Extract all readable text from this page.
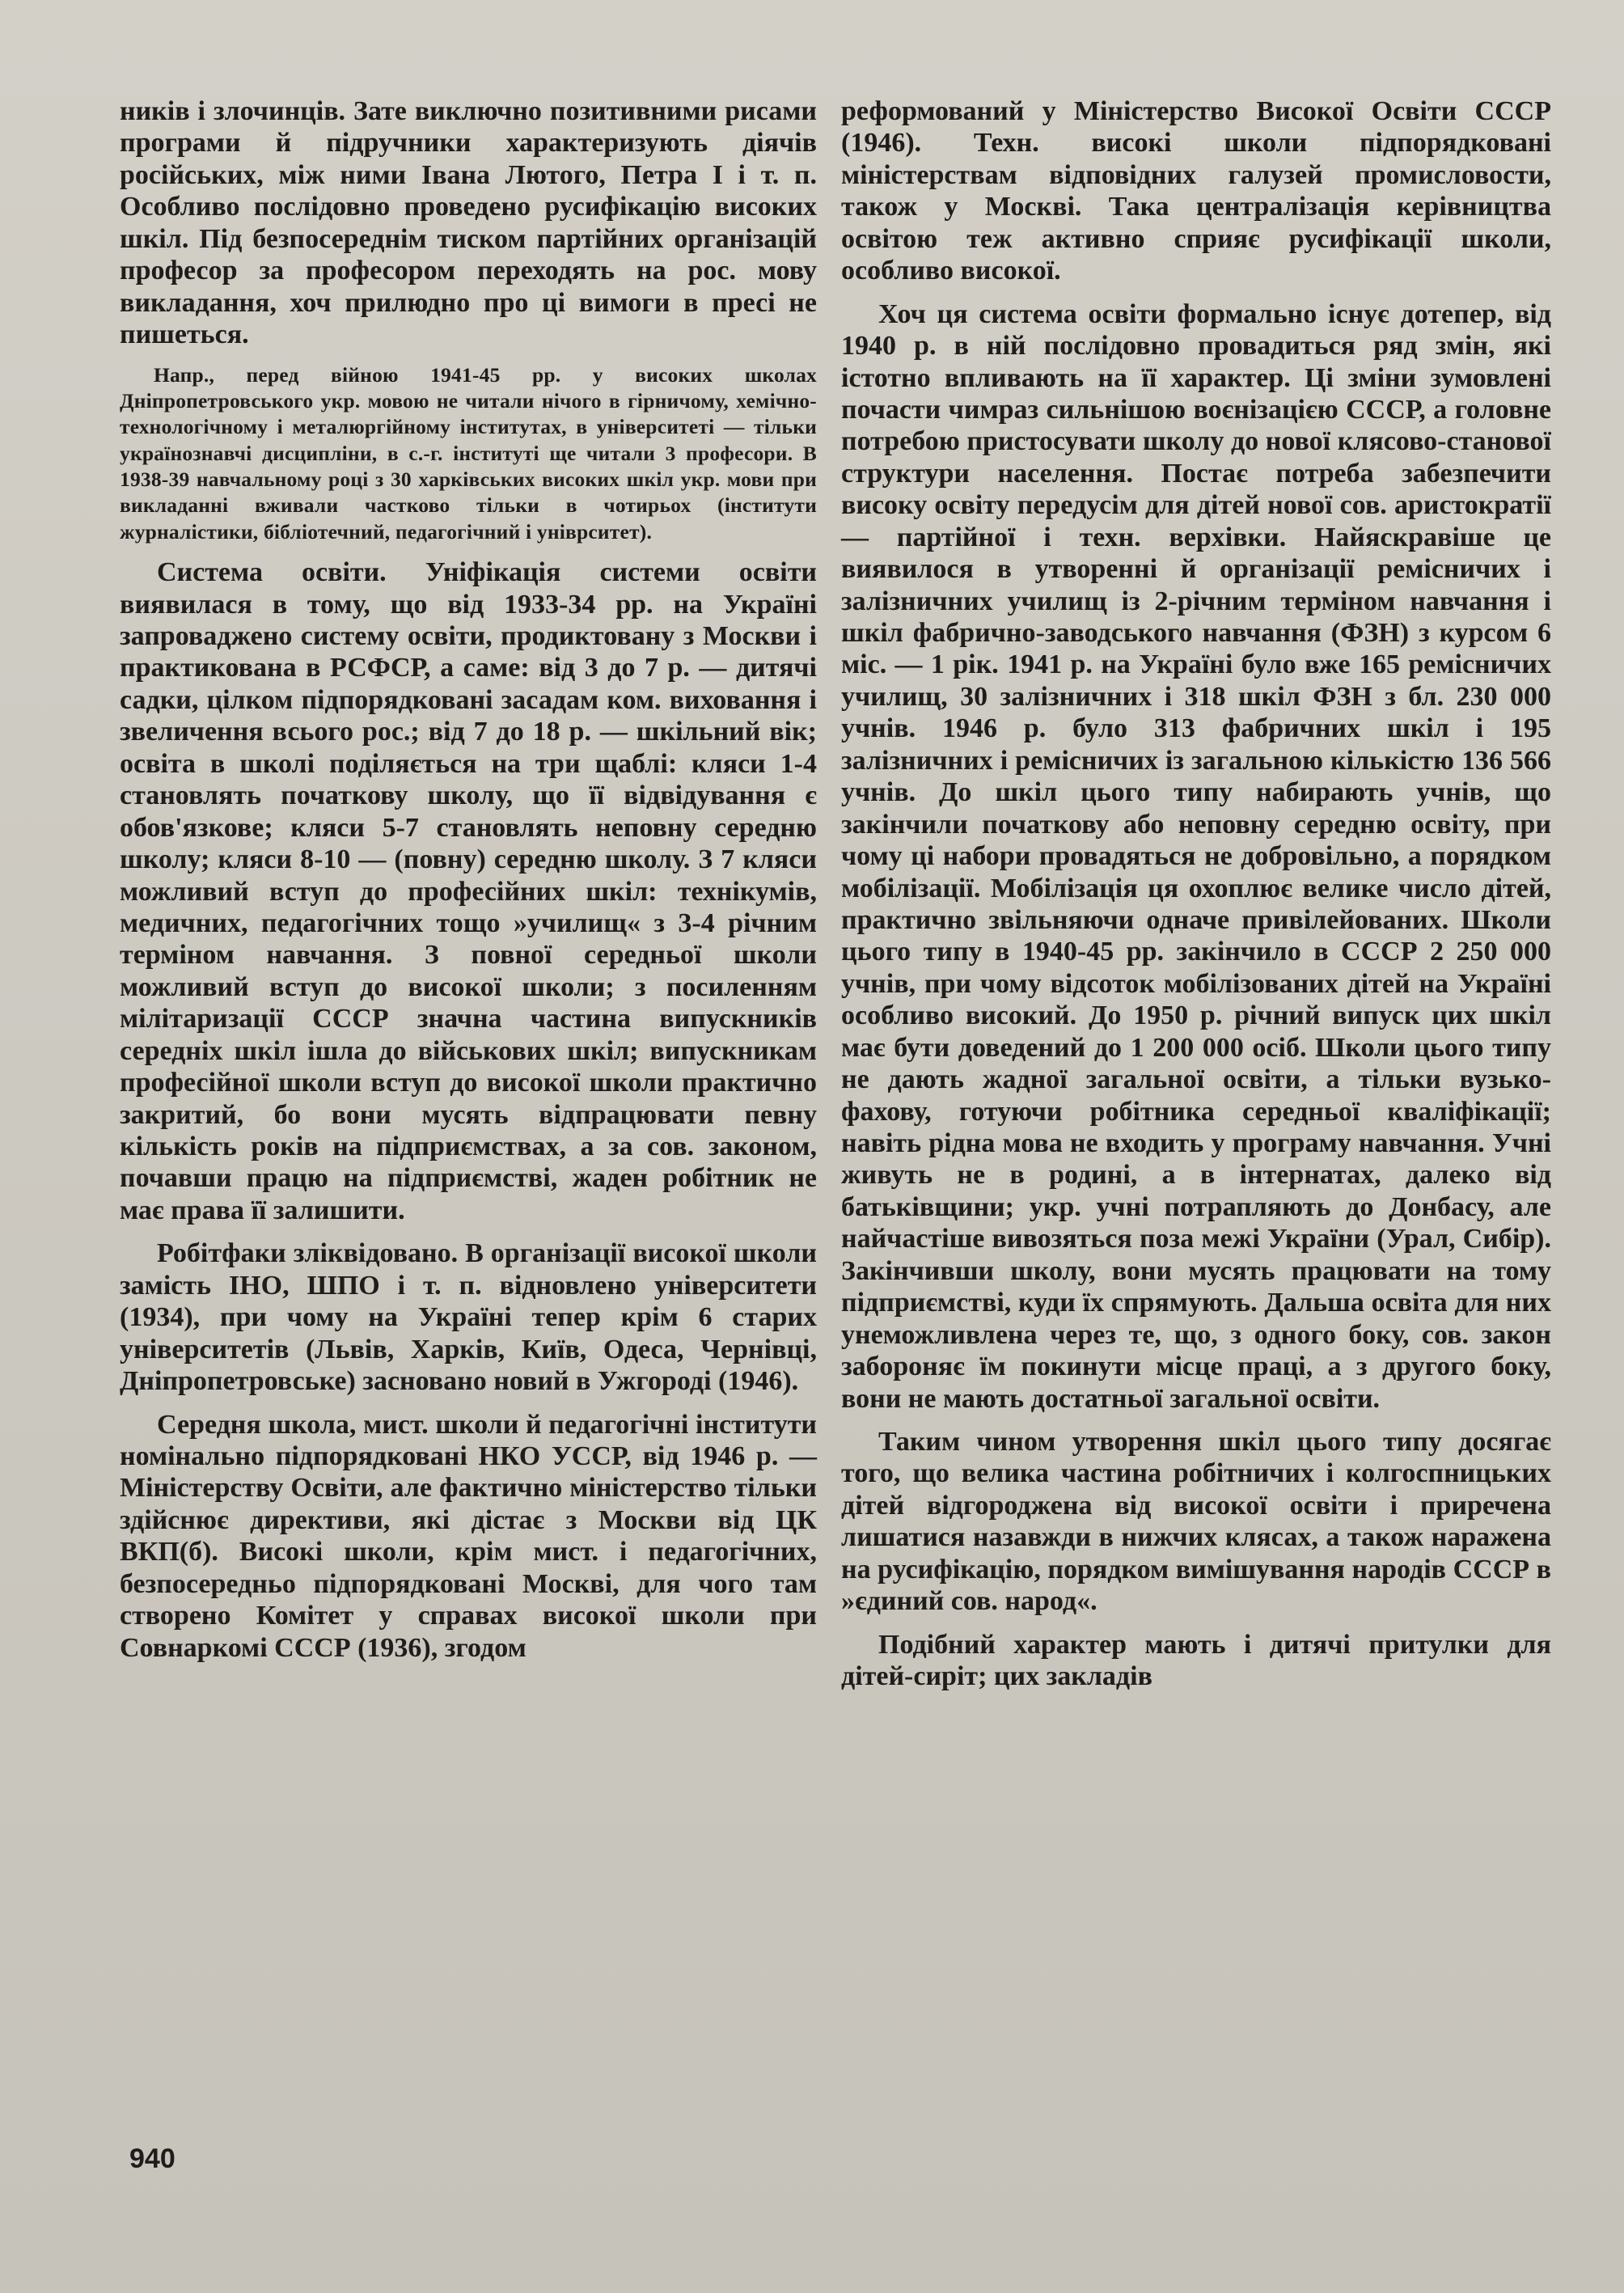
ників і злочинців. Зате виключно позитивними рисами програми й підручники характеризують діячів російських, між ними Івана Лютого, Петра I і т. п. Особливо послідовно проведено русифікацію високих шкіл. Під безпосереднім тиском партійних організацій професор за професором переходять на рос. мову викладання, хоч прилюдно про ці вимоги в пресі не пишеться.

Напр., перед війною 1941-45 рр. у високих школах Дніпропетровського укр. мовою не читали нічого в гірничому, хемічно-технологічному і металюргійному інститутах, в університеті — тільки українознавчі дисципліни, в с.-г. інституті ще читали 3 професори. В 1938-39 навчальному році з 30 харківських високих шкіл укр. мови при викладанні вживали частково тільки в чотирьох (інститути журналістики, бібліотечний, педагогічний і уніврситет).

Система освіти. Уніфікація системи освіти виявилася в тому, що від 1933-34 рр. на Україні запроваджено систему освіти, продиктовану з Москви і практикована в РСФСР, а саме: від 3 до 7 р. — дитячі садки, цілком підпорядковані засадам ком. виховання і звеличення всього рос.; від 7 до 18 р. — шкільний вік; освіта в школі поділяється на три щаблі: кляси 1-4 становлять початкову школу, що її відвідування є обов'язкове; кляси 5-7 становлять неповну середню школу; кляси 8-10 — (повну) середню школу. З 7 кляси можливий вступ до професійних шкіл: технікумів, медичних, педагогічних тощо »училищ« з 3-4 річним терміном навчання. З повної середньої школи можливий вступ до високої школи; з посиленням мілітаризації СССР значна частина випускників середніх шкіл ішла до військових шкіл; випускникам професійної школи вступ до високої школи практично закритий, бо вони мусять відпрацювати певну кількість років на підприємствах, а за сов. законом, почавши працю на підприємстві, жаден робітник не має права її залишити.

Робітфаки зліквідовано. В організації високої школи замість ІНО, ШПО і т. п. відновлено університети (1934), при чому на Україні тепер крім 6 старих університетів (Львів, Харків, Київ, Одеса, Чернівці, Дніпропетровське) засновано новий в Ужгороді (1946).

Середня школа, мист. школи й педагогічні інститути номінально підпорядковані НКО УССР, від 1946 р. — Міністерству Освіти, але фактично міністерство тільки здійснює директиви, які дістає з Москви від ЦК ВКП(б). Високі школи, крім мист. і педагогічних, безпосередньо підпорядковані Москві, для чого там створено Комітет у справах високої школи при Совнаркомі СССР (1936), згодом

реформований у Міністерство Високої Освіти СССР (1946). Техн. високі школи підпорядковані міністерствам відповідних галузей промисловости, також у Москві. Така централізація керівництва освітою теж активно сприяє русифікації школи, особливо високої.

Хоч ця система освіти формально існує дотепер, від 1940 р. в ній послідовно провадиться ряд змін, які істотно впливають на її характер. Ці зміни зумовлені почасти чимраз сильнішою воєнізацією СССР, а головне потребою пристосувати школу до нової клясово-станової структури населення. Постає потреба забезпечити високу освіту передусім для дітей нової сов. аристократії — партійної і техн. верхівки. Найяскравіше це виявилося в утворенні й організації ремісничих і залізничних училищ із 2-річним терміном навчання і шкіл фабрично-заводського навчання (ФЗН) з курсом 6 міс. — 1 рік. 1941 р. на Україні було вже 165 ремісничих училищ, 30 залізничних і 318 шкіл ФЗН з бл. 230 000 учнів. 1946 р. було 313 фабричних шкіл і 195 залізничних і ремісничих із загальною кількістю 136 566 учнів. До шкіл цього типу набирають учнів, що закінчили початкову або неповну середню освіту, при чому ці набори провадяться не добровільно, а порядком мобілізації. Мобілізація ця охоплює велике число дітей, практично звільняючи одначе привілейованих. Школи цього типу в 1940-45 рр. закінчило в СССР 2 250 000 учнів, при чому відсоток мобілізованих дітей на Україні особливо високий. До 1950 р. річний випуск цих шкіл має бути доведений до 1 200 000 осіб. Школи цього типу не дають жадної загальної освіти, а тільки вузько-фахову, готуючи робітника середньої кваліфікації; навіть рідна мова не входить у програму навчання. Учні живуть не в родині, а в інтернатах, далеко від батьківщини; укр. учні потрапляють до Донбасу, але найчастіше вивозяться поза межі України (Урал, Сибір). Закінчивши школу, вони мусять працювати на тому підприємстві, куди їх спрямують. Дальша освіта для них унеможливлена через те, що, з одного боку, сов. закон забороняє їм покинути місце праці, а з другого боку, вони не мають достатньої загальної освіти.

Таким чином утворення шкіл цього типу досягає того, що велика частина робітничих і колгоспницьких дітей відгороджена від високої освіти і приречена лишатися назавжди в нижчих клясах, а також наражена на русифікацію, порядком вимішування народів СССР в »єдиний сов. народ«.

Подібний характер мають і дитячі притулки для дітей-сиріт; цих закладів

940
